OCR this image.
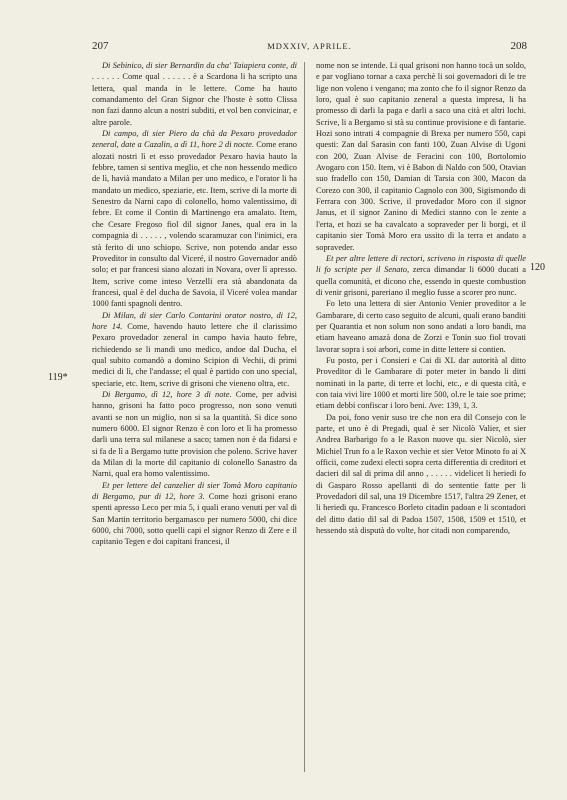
207	MDXXIV, APRILE.	208
119*
120

Di Sebinico, di sier Bernardin da cha' Taiapiera conte, di . . . . . . Come qual . . . . . . è a Scardona li ha scripto una lettera, qual manda in le lettere. Come ha hauto comandamento del Gran Signor che l'hoste è sotto Clissa non fazi danno alcun a nostri subditi, et vol ben convicinar, e altre parole.

Di campo, di sier Piero da chà da Pexaro provedador zeneral, date a Cazalin, a dì 11, hore 2 di nocte. Come erano alozati nostri lì et esso provedador Pexaro havia hauto la febbre, tamen si sentiva meglio, et che non hessendo medico de lì, havià mandato a Milan per uno medico, e l'orator li ha mandato un medico, speziarie, etc. Item, scrive di la morte di Senestro da Narni capo di colonello, homo valentissimo, di febre. Et come il Contin di Martinengo era amalato. Item, che Cesare Fregoso fiol dil signor Janes, qual era in la compagnia di . . . . . , volendo scaramuzar con l'inimici, era stà ferito di uno schiopo. Scrive, non potendo andar esso Proveditor in consulto dal Viceré, il nostro Governador andò solo; et par francesi siano alozati in Novara, over lì apresso. Item, scrive come inteso Verzelli era stà abandonata da francesi, qual è del ducha de Savoia, il Viceré volea mandar 1000 fanti spagnoli dentro.

Di Milan, di sier Carlo Contarini orator nostro, di 12, hore 14. Come, havendo hauto lettere che il clarissimo Pexaro provedador zeneral in campo havia hauto febre, richiedendo se li mandi uno medico, andoe dal Ducha, el qual subito comandò a domino Scipion di Vechii, di primi medici di lì, che l'andasse; el qual è partido con uno special, speciarie, etc. Item, scrive di grisoni che vieneno oltra, etc.

Di Bergamo, dì 12, hore 3 di note. Come, per advisi hanno, grisoni ha fatto poco progresso, non sono venuti avanti se non un miglio, non si sa la quantità. Si dice sono numero 6000. El signor Renzo è con loro et lì ha promesso darli una terra sul milanese a saco; tamen non è da fidarsi e si fa de lì a Bergamo tutte provision che poleno. Scrive haver da Milan di la morte dil capitanio di colonello Sanastro da Narni, qual era homo valentissimo.

Et per lettere del canzelier di sier Tomà Moro capitanio di Bergamo, pur di 12, hore 3. Come hozi grisoni erano spenti apresso Leco per mia 5, i quali erano venuti per val di San Martin territorio bergamasco per numero 5000, chi dice 6000, chi 7000, sotto quelli capi el signor Renzo di Zere e il capitanio Tegen e doi capitani francesi, il

nome non se intende. Li qual grisoni non hanno tocà un soldo, e par vogliano tornar a caxa perchè li soi governadori di le tre lige non voleno i vengano; ma zonto che fo il signor Renzo da loro, qual è suo capitanio zeneral a questa impresa, li ha promesso di darli la paga e darli a saco una cità et altri lochi. Scrive, li a Bergamo si stà su continue provisione e di fantarie. Hozi sono intrati 4 compagnie di Brexa per numero 550, capi questi: Zan dal Sarasin con fanti 100, Zuan Alvise di Ugoni con 200, Zuan Alvise de Feracini con 100, Bortolomio Avogaro con 150. Item, vi è Babon di Naldo con 500, Otavian suo fradello con 150, Damian di Tarsia con 300, Macon da Corezo con 300, il capitanio Cagnolo con 300, Sigismondo di Ferrara con 300. Scrive, il provedador Moro con il signor Janus, et il signor Zanino di Medici stanno con le zente a l'erta, et hozi se ha cavalcato a sopraveder per li borgi, et il capitanio sier Tomà Moro era ussito di la terra et andato a sopraveder.

Et per altre lettere di rectori, scriveno in risposta di quelle li fo scripte per il Senato, zerca dimandar li 6000 ducati a quella comunità, et dicono che, essendo in queste combustion di venir grisoni, pareriano il meglio fusse a scorer pro nunc.

Fo leto una lettera di sier Antonio Venier proveditor a le Gambarare, di certo caso seguito de alcuni, quali erano banditi per Quarantia et non solum non sono andati a loro bandi, ma etiam haveano amazà dona de Zorzi e Tonin suo fiol trovati lavorar sopra i soi arbori, come in ditte lettere si contien.

Fu posto, per i Consieri e Cai di XL dar autorità al ditto Proveditor di le Gambarare di poter meter in bando li ditti nominati in la parte, di terre et lochi, etc., e di questa cità, e con taia vivi lire 1000 et morti lire 500, ol.re le taie soe prime; etiam debbi confiscar i loro beni. Ave: 139, 1, 3.

Da poi, fono venir suso tre che non era dil Consejo con le parte, et uno è di Pregadi, qual è ser Nicolò Valier, et sier Andrea Barbarigo fo a le Raxon nuove qu. sier Nicolò, sier Michiel Trun fo a le Raxon vechie et sier Vetor Minoto fo ai X officii, come zudexi electi sopra certa differentia di creditori et dacieri dil sal di prima dil anno , . . . . . videlicet li heriedi fo di Gasparo Rosso apellanti di do sententie fatte per li Provedadori dil sal, una 19 Dicembre 1517, l'altra 29 Zener, et li heriedi qu. Francesco Borleto citadin padoan e li scontadori del ditto datio dil sal di Padoa 1507, 1508, 1509 et 1510, et hessendo stà disputà do volte, hor citadi non comparendo,
